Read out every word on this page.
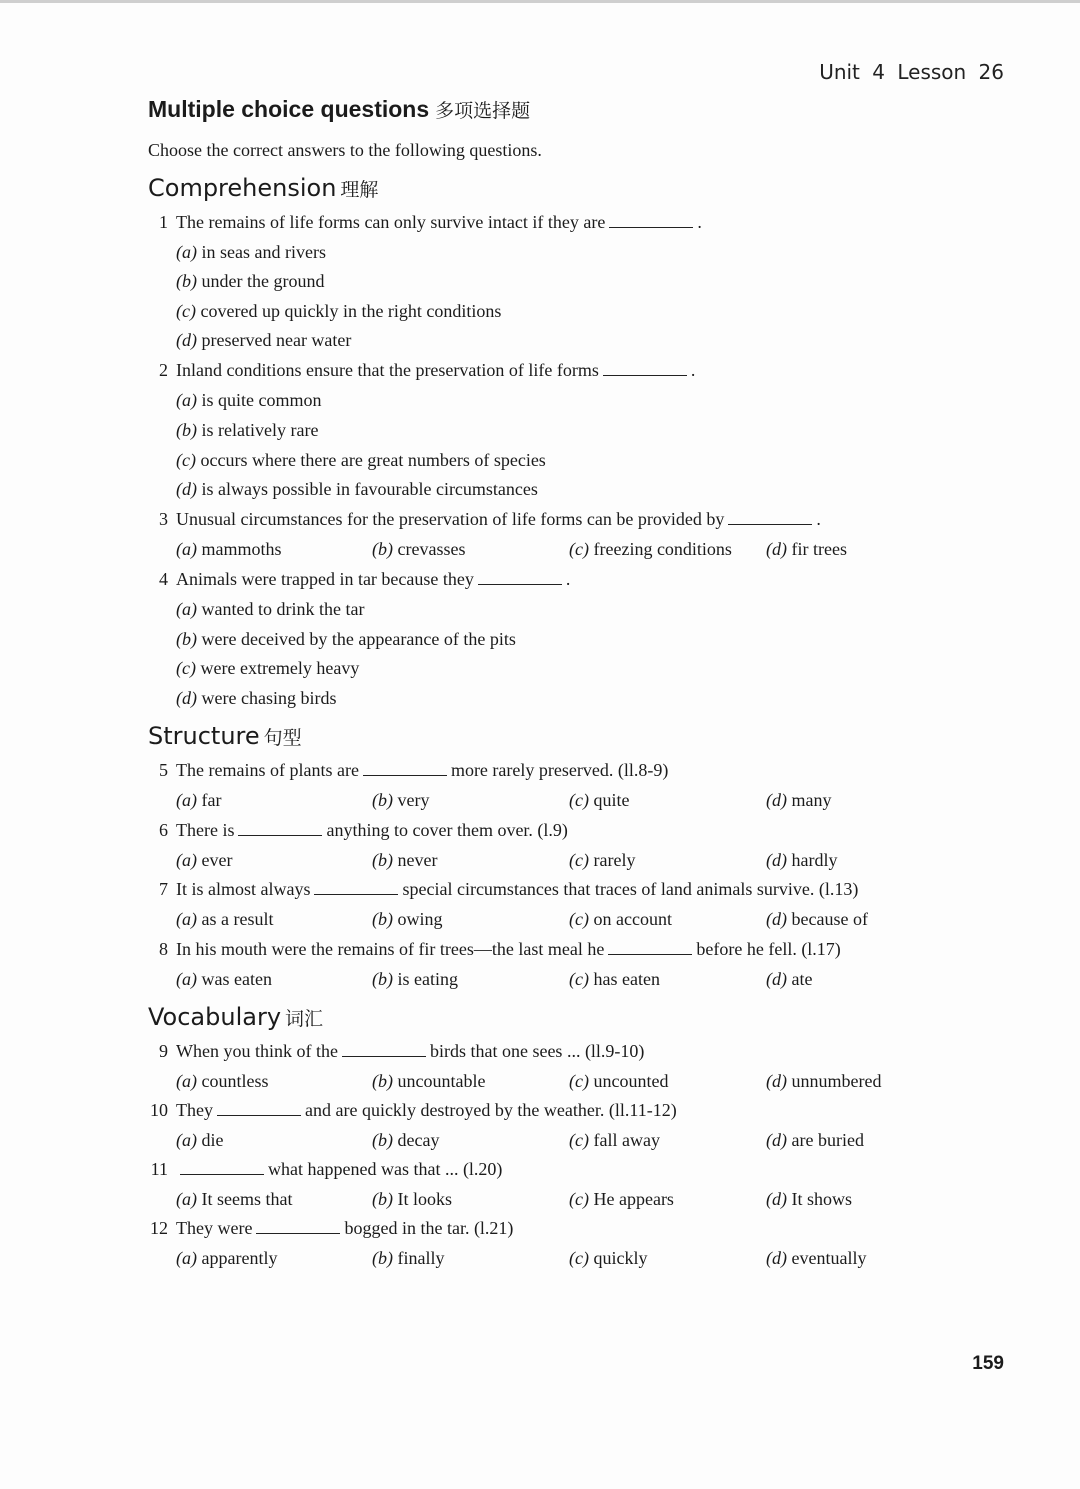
Unit 4 Lesson 26
Multiple choice questions 多项选择题
Choose the correct answers to the following questions.
Comprehension 理解
1 The remains of life forms can only survive intact if they are	.
(a) in seas and rivers
(b) under the ground
(c) covered up quickly in the right conditions
(d) preserved near water
2 Inland conditions ensure that the preservation of life forms	.
(a) is quite common
(b) is relatively rare
(c) occurs where there are great numbers of species
(d) is always possible in favourable circumstances
3 Unusual circumstances for the preservation of life forms can be provided by	.
(a) mammoths	(b) crevasses	(c) freezing conditions (d) fir trees
4 Animals were trapped in tar because they	.
(a) wanted to drink the tar
(b) were deceived by the appearance of the pits
(c) were extremely heavy
(d) were chasing birds
Structure 句型
5 The remains of plants are	more rarely preserved. (ll.8-9)
(a) far	(b) very	(c) quite	(d) many
6 There is	anything to cover them over. (l.9)
(a) ever	(b) never	(c) rarely	(d) hardly
7 It is almost always	special circumstances that traces of land animals survive. (l.13)
(a) as a result	(b) owing	(c) on account	(d) because of
8 In his mouth were the remains of fir trees—the last meal he	before he fell. (l.17)
(a) was eaten	(b) is eating	(c) has eaten	(d) ate
Vocabulary 词汇
9 When you think of the	birds that one sees ... (ll.9-10)
(a) countless	(b) uncountable	(c) uncounted	(d) unnumbered
10 They	and are quickly destroyed by the weather. (ll.11-12)
(a) die	(b) decay	(c) fall away	(d) are buried
11	what happened was that ... (l.20)
(a) It seems that	(b) It looks	(c) He appears	(d) It shows
12 They were	bogged in the tar. (l.21)
(a) apparently	(b) finally	(c) quickly	(d) eventually
159
